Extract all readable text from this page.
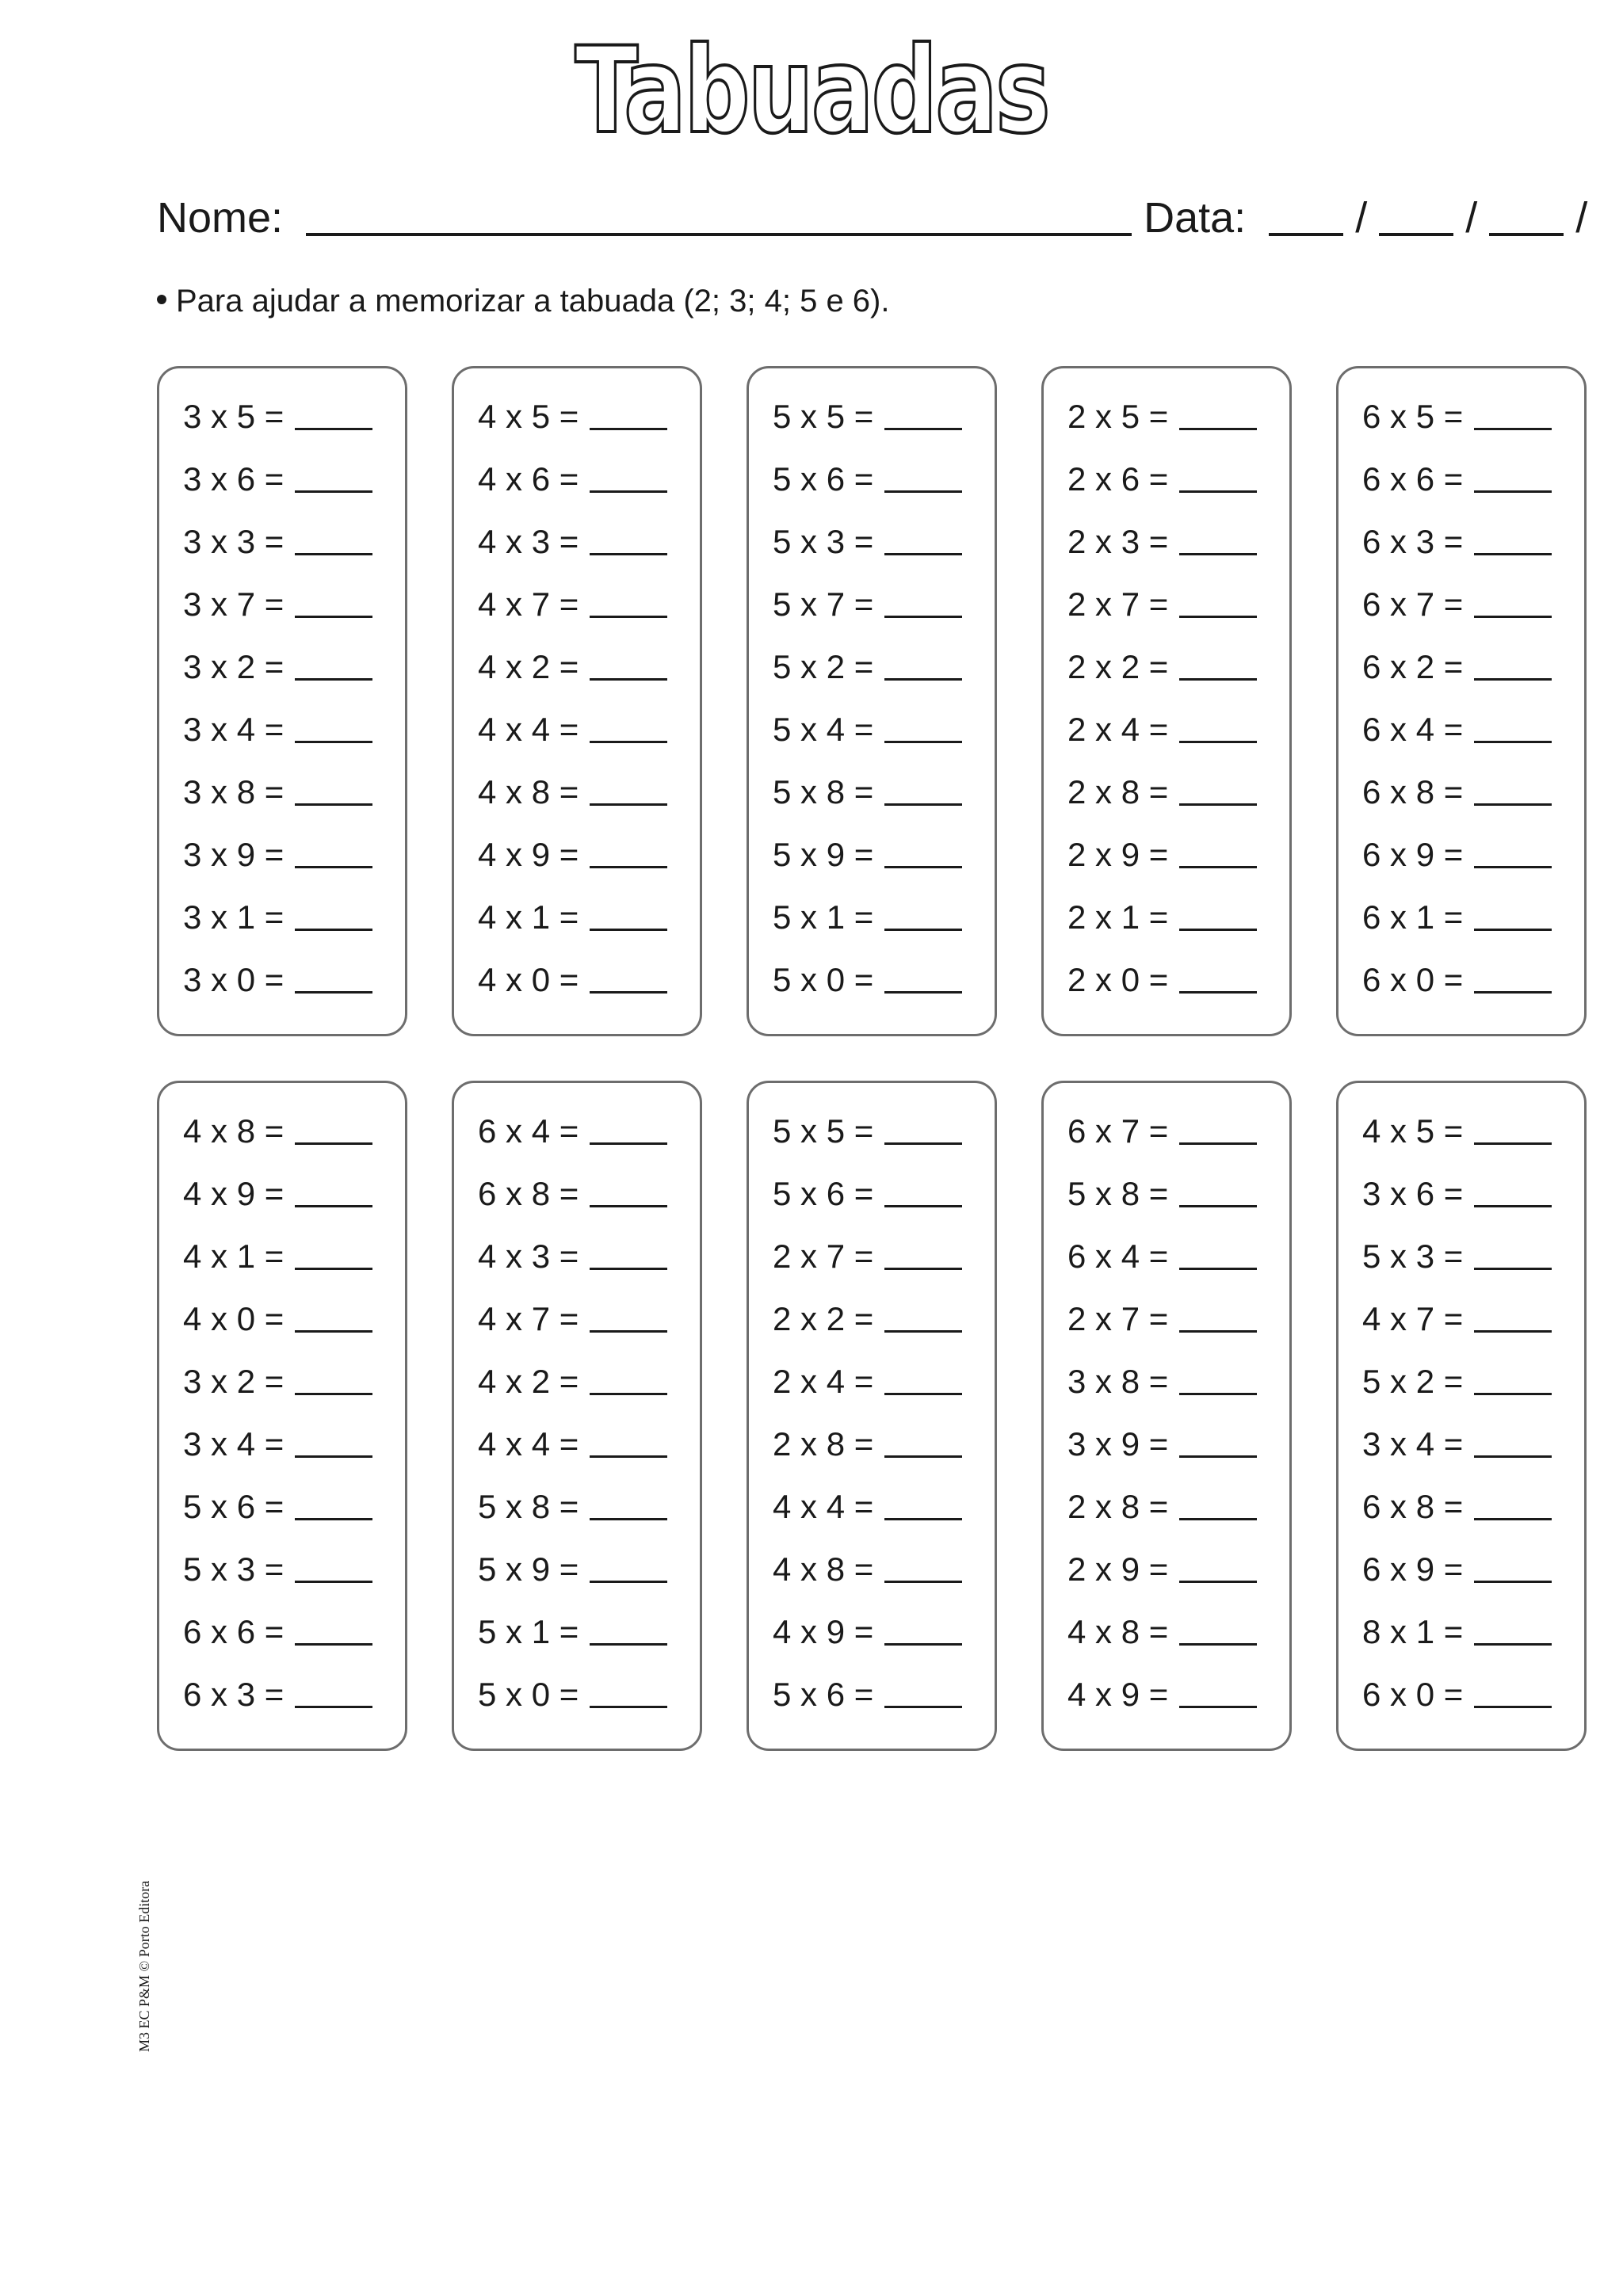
Tabuadas
Nome:	Data:	/ / /
Para ajudar a memorizar a tabuada (2; 3; 4; 5 e 6).
3 x 5 =
3 x 6 =
3 x 3 =
3 x 7 =
3 x 2 =
3 x 4 =
3 x 8 =
3 x 9 =
3 x 1 =
3 x 0 =
4 x 5 =
4 x 6 =
4 x 3 =
4 x 7 =
4 x 2 =
4 x 4 =
4 x 8 =
4 x 9 =
4 x 1 =
4 x 0 =
5 x 5 =
5 x 6 =
5 x 3 =
5 x 7 =
5 x 2 =
5 x 4 =
5 x 8 =
5 x 9 =
5 x 1 =
5 x 0 =
2 x 5 =
2 x 6 =
2 x 3 =
2 x 7 =
2 x 2 =
2 x 4 =
2 x 8 =
2 x 9 =
2 x 1 =
2 x 0 =
6 x 5 =
6 x 6 =
6 x 3 =
6 x 7 =
6 x 2 =
6 x 4 =
6 x 8 =
6 x 9 =
6 x 1 =
6 x 0 =
4 x 8 =
4 x 9 =
4 x 1 =
4 x 0 =
3 x 2 =
3 x 4 =
5 x 6 =
5 x 3 =
6 x 6 =
6 x 3 =
6 x 4 =
6 x 8 =
4 x 3 =
4 x 7 =
4 x 2 =
4 x 4 =
5 x 8 =
5 x 9 =
5 x 1 =
5 x 0 =
5 x 5 =
5 x 6 =
2 x 7 =
2 x 2 =
2 x 4 =
2 x 8 =
4 x 4 =
4 x 8 =
4 x 9 =
5 x 6 =
6 x 7 =
5 x 8 =
6 x 4 =
2 x 7 =
3 x 8 =
3 x 9 =
2 x 8 =
2 x 9 =
4 x 8 =
4 x 9 =
4 x 5 =
3 x 6 =
5 x 3 =
4 x 7 =
5 x 2 =
3 x 4 =
6 x 8 =
6 x 9 =
8 x 1 =
6 x 0 =
M3 EC P&M © Porto Editora
